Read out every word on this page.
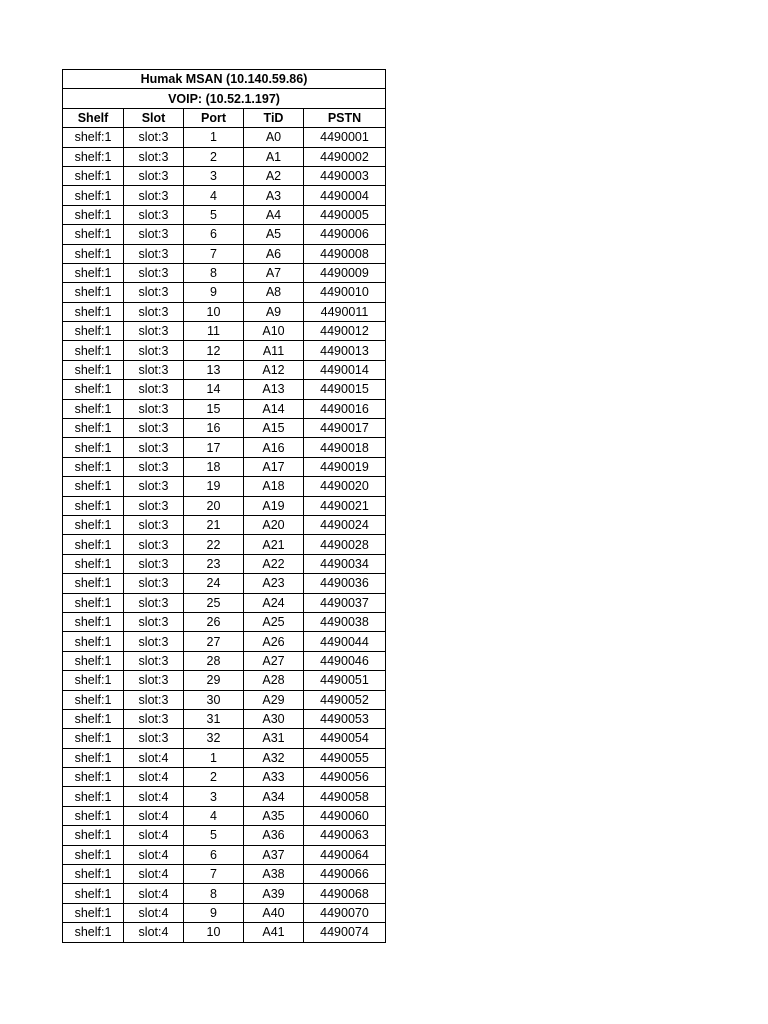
Humak MSAN (10.140.59.86)				
VOIP: (10.52.1.197)				
Shelf	Slot	Port	TiD	PSTN
shelf:1	slot:3	1	A0	4490001
shelf:1	slot:3	2	A1	4490002
shelf:1	slot:3	3	A2	4490003
shelf:1	slot:3	4	A3	4490004
shelf:1	slot:3	5	A4	4490005
shelf:1	slot:3	6	A5	4490006
shelf:1	slot:3	7	A6	4490008
shelf:1	slot:3	8	A7	4490009
shelf:1	slot:3	9	A8	4490010
shelf:1	slot:3	10	A9	4490011
shelf:1	slot:3	11	A10	4490012
shelf:1	slot:3	12	A11	4490013
shelf:1	slot:3	13	A12	4490014
shelf:1	slot:3	14	A13	4490015
shelf:1	slot:3	15	A14	4490016
shelf:1	slot:3	16	A15	4490017
shelf:1	slot:3	17	A16	4490018
shelf:1	slot:3	18	A17	4490019
shelf:1	slot:3	19	A18	4490020
shelf:1	slot:3	20	A19	4490021
shelf:1	slot:3	21	A20	4490024
shelf:1	slot:3	22	A21	4490028
shelf:1	slot:3	23	A22	4490034
shelf:1	slot:3	24	A23	4490036
shelf:1	slot:3	25	A24	4490037
shelf:1	slot:3	26	A25	4490038
shelf:1	slot:3	27	A26	4490044
shelf:1	slot:3	28	A27	4490046
shelf:1	slot:3	29	A28	4490051
shelf:1	slot:3	30	A29	4490052
shelf:1	slot:3	31	A30	4490053
shelf:1	slot:3	32	A31	4490054
shelf:1	slot:4	1	A32	4490055
shelf:1	slot:4	2	A33	4490056
shelf:1	slot:4	3	A34	4490058
shelf:1	slot:4	4	A35	4490060
shelf:1	slot:4	5	A36	4490063
shelf:1	slot:4	6	A37	4490064
shelf:1	slot:4	7	A38	4490066
shelf:1	slot:4	8	A39	4490068
shelf:1	slot:4	9	A40	4490070
shelf:1	slot:4	10	A41	4490074
